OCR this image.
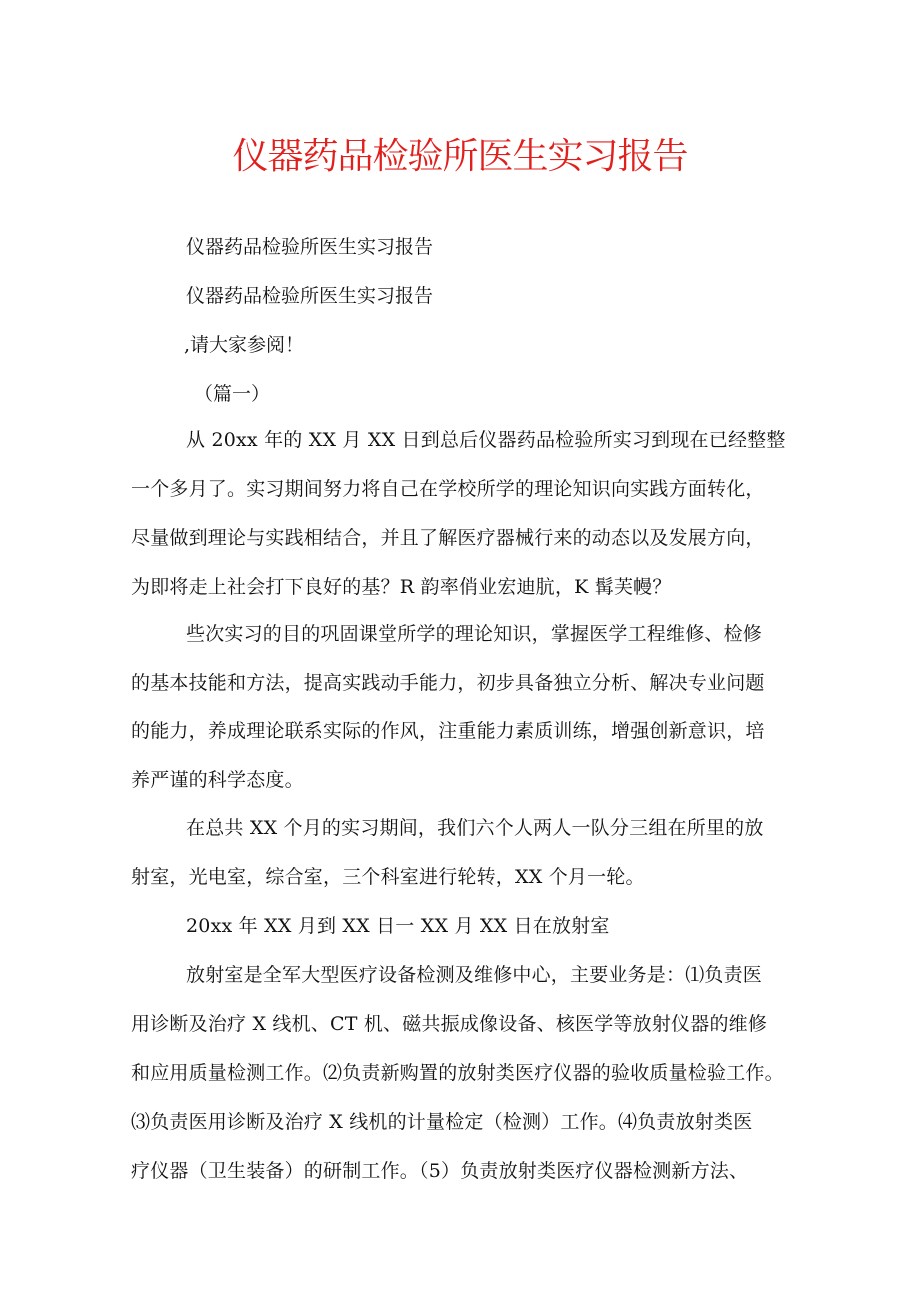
仪器药品检验所医生实习报告
仪器药品检验所医生实习报告
仪器药品检验所医生实习报告
,请大家参阅！
（篇一）
从 20xx 年的 XX 月 XX 日到总后仪器药品检验所实习到现在已经整整
一个多月了。实习期间努力将自己在学校所学的理论知识向实践方面转化，
尽量做到理论与实践相结合，并且了解医疗器械行来的动态以及发展方向，
为即将走上社会打下良好的基？R 韵率俏业宏迪肮，K 髯芙幔？
些次实习的目的巩固课堂所学的理论知识，掌握医学工程维修、检修
的基本技能和方法，提高实践动手能力，初步具备独立分析、解决专业问题
的能力，养成理论联系实际的作风，注重能力素质训练，增强创新意识，培
养严谨的科学态度。
在总共 XX 个月的实习期间，我们六个人两人一队分三组在所里的放
射室，光电室，综合室，三个科室进行轮转，XX 个月一轮。
20xx 年 XX 月到 XX 日一 XX 月 XX 日在放射室
放射室是全军大型医疗设备检测及维修中心，主要业务是：⑴负责医
用诊断及治疗 X 线机、CT 机、磁共振成像设备、核医学等放射仪器的维修
和应用质量检测工作。⑵负责新购置的放射类医疗仪器的验收质量检验工作。
⑶负责医用诊断及治疗 X 线机的计量检定（检测）工作。⑷负责放射类医
疗仪器（卫生装备）的研制工作。（5）负责放射类医疗仪器检测新方法、
